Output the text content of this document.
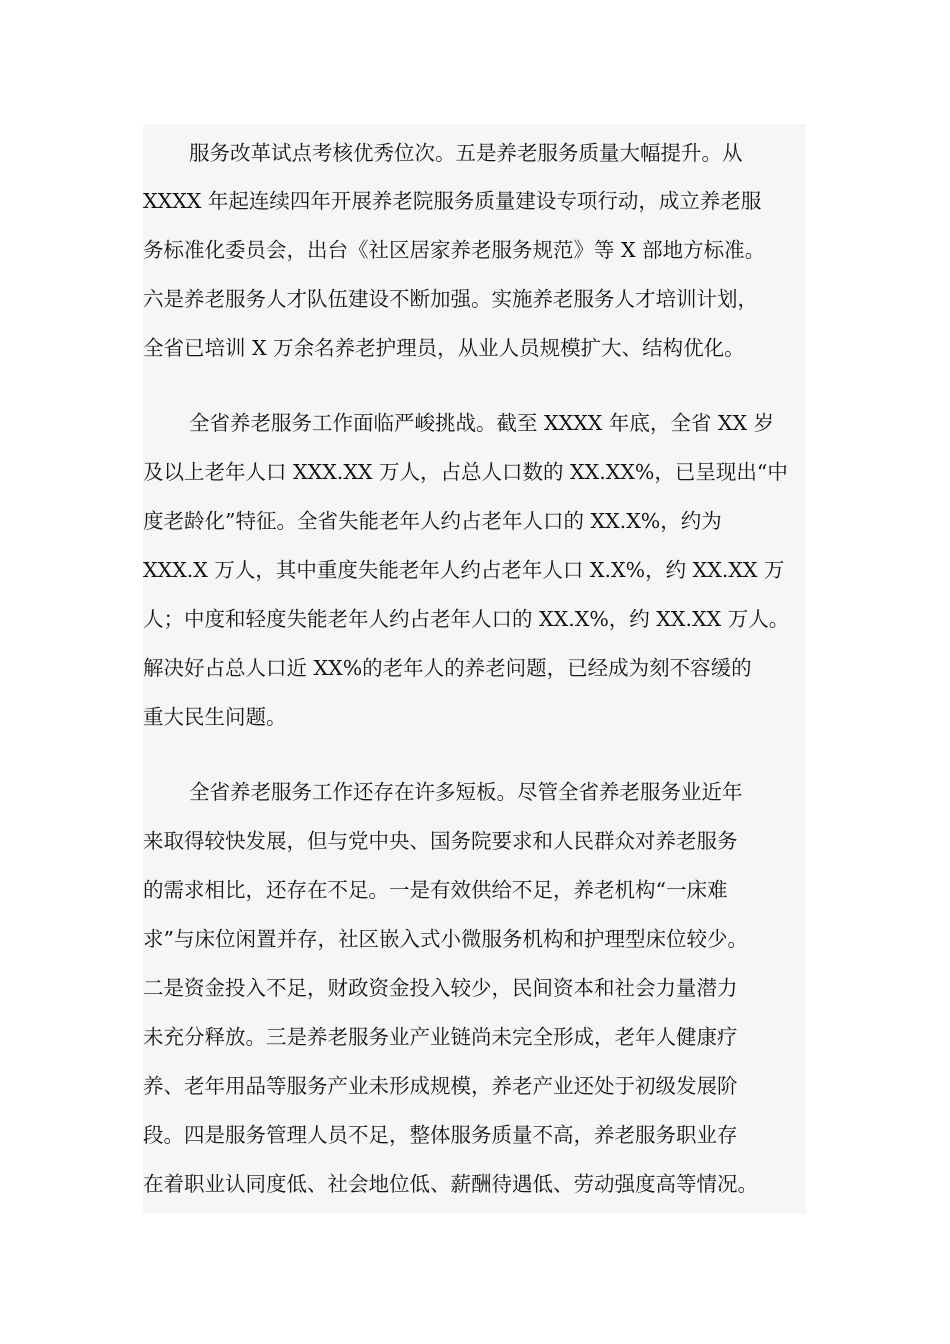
服务改革试点考核优秀位次。五是养老服务质量大幅提升。从
XXXX 年起连续四年开展养老院服务质量建设专项行动，成立养老服
务标准化委员会，出台《社区居家养老服务规范》等 X 部地方标准。
六是养老服务人才队伍建设不断加强。实施养老服务人才培训计划，
全省已培训 X 万余名养老护理员，从业人员规模扩大、结构优化。
全省养老服务工作面临严峻挑战。截至 XXXX 年底，全省 XX 岁
及以上老年人口 XXX.XX 万人，占总人口数的 XX.XX%，已呈现出“中
度老龄化”特征。全省失能老年人约占老年人口的 XX.X%，约为
XXX.X 万人，其中重度失能老年人约占老年人口 X.X%，约 XX.XX 万
人；中度和轻度失能老年人约占老年人口的 XX.X%，约 XX.XX 万人。
解决好占总人口近 XX%的老年人的养老问题，已经成为刻不容缓的
重大民生问题。
全省养老服务工作还存在许多短板。尽管全省养老服务业近年
来取得较快发展，但与党中央、国务院要求和人民群众对养老服务
的需求相比，还存在不足。一是有效供给不足，养老机构“一床难
求”与床位闲置并存，社区嵌入式小微服务机构和护理型床位较少。
二是资金投入不足，财政资金投入较少，民间资本和社会力量潜力
未充分释放。三是养老服务业产业链尚未完全形成，老年人健康疗
养、老年用品等服务产业未形成规模，养老产业还处于初级发展阶
段。四是服务管理人员不足，整体服务质量不高，养老服务职业存
在着职业认同度低、社会地位低、薪酬待遇低、劳动强度高等情况。
